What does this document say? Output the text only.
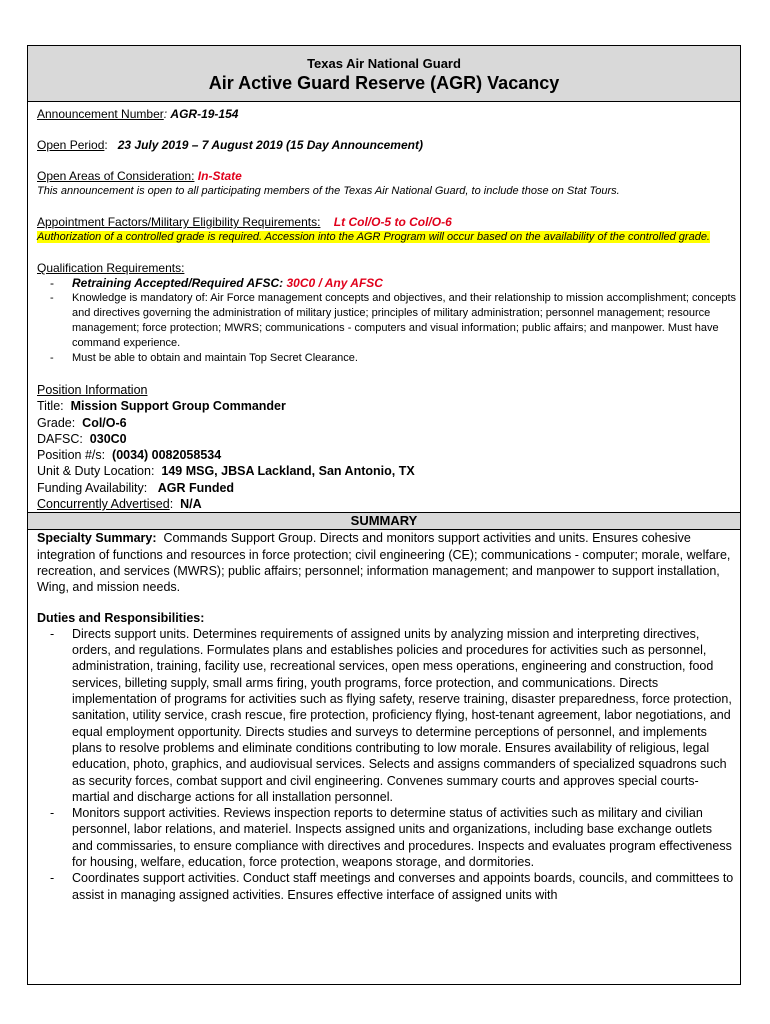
Texas Air National Guard
Air Active Guard Reserve (AGR) Vacancy
Announcement Number: AGR-19-154
Open Period:   23 July 2019 – 7 August 2019 (15 Day Announcement)
Open Areas of Consideration: In-State
This announcement is open to all participating members of the Texas Air National Guard, to include those on Stat Tours.
Appointment Factors/Military Eligibility Requirements: Lt Col/O-5 to Col/O-6
Authorization of a controlled grade is required. Accession into the AGR Program will occur based on the availability of the controlled grade.
Qualification Requirements:
- Retraining Accepted/Required AFSC: 30C0 / Any AFSC
- Knowledge is mandatory of: Air Force management concepts and objectives, and their relationship to mission accomplishment; concepts and directives governing the administration of military justice; principles of military administration; personnel management; resource management; force protection; MWRS; communications - computers and visual information; public affairs; and manpower. Must have command experience.
- Must be able to obtain and maintain Top Secret Clearance.
Position Information
Title: Mission Support Group Commander
Grade: Col/O-6
DAFSC: 030C0
Position #/s: (0034) 0082058534
Unit & Duty Location: 149 MSG, JBSA Lackland, San Antonio, TX
Funding Availability: AGR Funded
Concurrently Advertised:  N/A
SUMMARY
Specialty Summary: Commands Support Group. Directs and monitors support activities and units. Ensures cohesive integration of functions and resources in force protection; civil engineering (CE); communications - computer; morale, welfare, recreation, and services (MWRS); public affairs; personnel; information management; and manpower to support installation, Wing, and mission needs.
Duties and Responsibilities:
- Directs support units. Determines requirements of assigned units by analyzing mission and interpreting directives, orders, and regulations. Formulates plans and establishes policies and procedures for activities such as personnel, administration, training, facility use, recreational services, open mess operations, engineering and construction, food services, billeting supply, small arms firing, youth programs, force protection, and communications. Directs implementation of programs for activities such as flying safety, reserve training, disaster preparedness, force protection, sanitation, utility service, crash rescue, fire protection, proficiency flying, host-tenant agreement, labor negotiations, and equal employment opportunity. Directs studies and surveys to determine perceptions of personnel, and implements plans to resolve problems and eliminate conditions contributing to low morale. Ensures availability of religious, legal education, photo, graphics, and audiovisual services. Selects and assigns commanders of specialized squadrons such as security forces, combat support and civil engineering. Convenes summary courts and approves special courts-martial and discharge actions for all installation personnel.
- Monitors support activities. Reviews inspection reports to determine status of activities such as military and civilian personnel, labor relations, and materiel. Inspects assigned units and organizations, including base exchange outlets and commissaries, to ensure compliance with directives and procedures. Inspects and evaluates program effectiveness for housing, welfare, education, force protection, weapons storage, and dormitories.
- Coordinates support activities. Conduct staff meetings and converses and appoints boards, councils, and committees to assist in managing assigned activities. Ensures effective interface of assigned units with
